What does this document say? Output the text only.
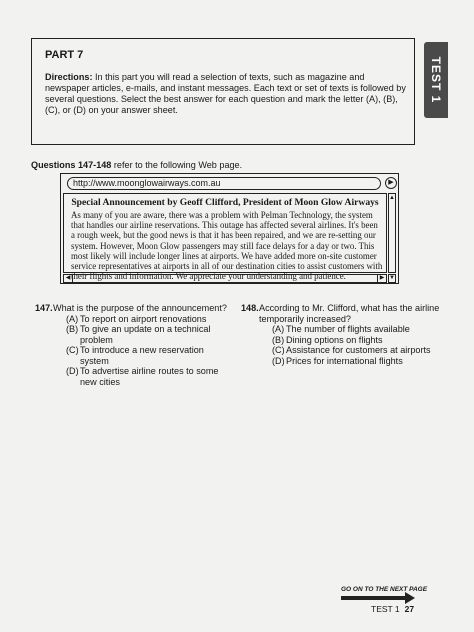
TEST 1
PART 7
Directions: In this part you will read a selection of texts, such as magazine and newspaper articles, e-mails, and instant messages. Each text or set of texts is followed by several questions. Select the best answer for each question and mark the letter (A), (B), (C), or (D) on your answer sheet.
Questions 147-148 refer to the following Web page.
http://www.moonglowairways.com.au	▶
Special Announcement by Geoff Clifford, President of Moon Glow Airways
As many of you are aware, there was a problem with Pelman Technology, the system that handles our airline reservations. This outage has affected several airlines. It's been a rough week, but the good news is that it has been repaired, and we are re-setting our system. However, Moon Glow passengers may still face delays for a day or two. This most likely will include longer lines at airports. We have added more on-site customer service representatives at airports in all of our destination cities to assist customers with their flights and information. We appreciate your understanding and patience.
▲
◀	▶ ▼
147. What is the purpose of the announcement?
(A) To report on airport renovations
(B) To give an update on a technical problem
(C)To introduce a new reservation system
(D)To advertise airline routes to some new cities
148. According to Mr. Clifford, what has the airline temporarily increased?
(A) The number of flights available
(B) Dining options on flights
(C)Assistance for customers at airports
(D)Prices for international flights
GO ON TO THE NEXT PAGE
TEST 1 27
